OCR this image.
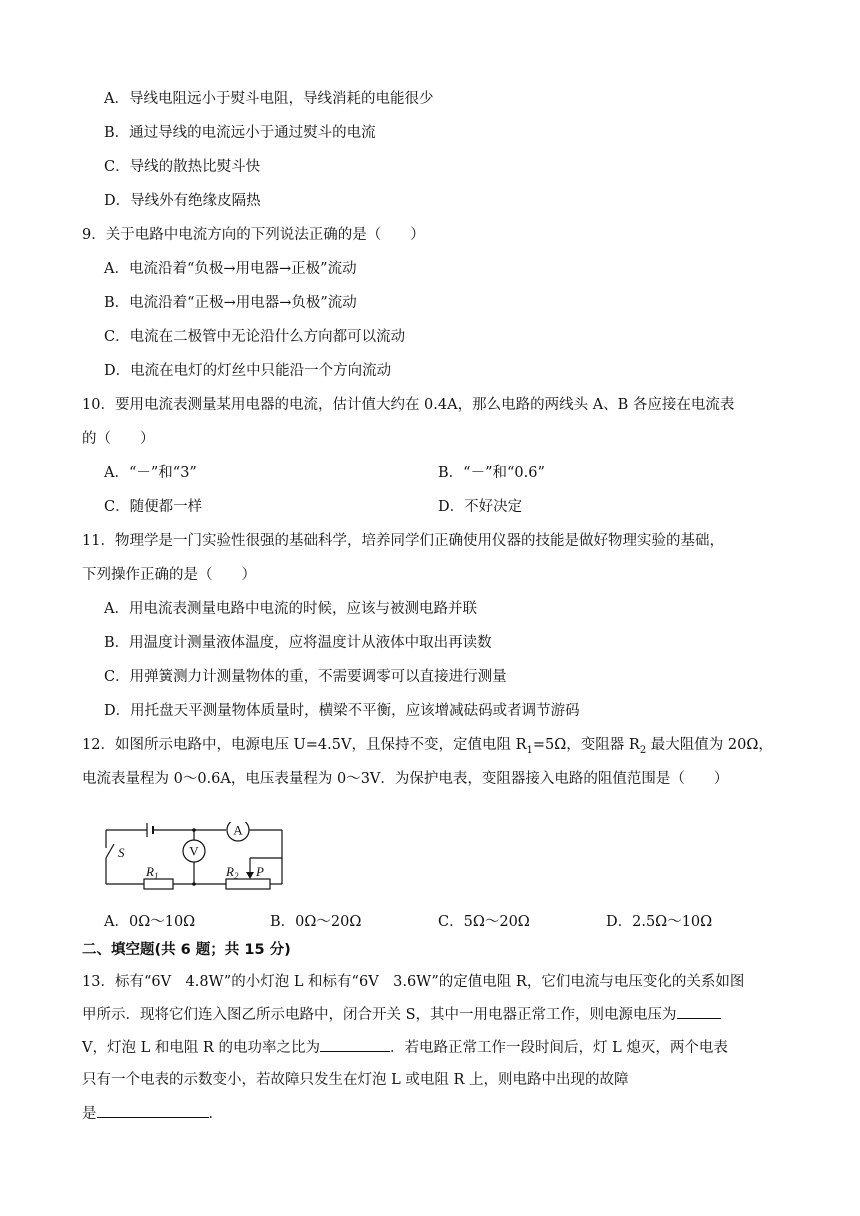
A．导线电阻远小于熨斗电阻，导线消耗的电能很少
B．通过导线的电流远小于通过熨斗的电流
C．导线的散热比熨斗快
D．导线外有绝缘皮隔热
9．关于电路中电流方向的下列说法正确的是（　　）
A．电流沿着“负极→用电器→正极”流动
B．电流沿着“正极→用电器→负极”流动
C．电流在二极管中无论沿什么方向都可以流动
D．电流在电灯的灯丝中只能沿一个方向流动
10．要用电流表测量某用电器的电流，估计值大约在 0.4A，那么电路的两线头 A、B 各应接在电流表
的（　　）
A．“－”和“3”	B．“－”和“0.6”
C．随便都一样	D．不好决定
11．物理学是一门实验性很强的基础科学，培养同学们正确使用仪器的技能是做好物理实验的基础，
下列操作正确的是（　　）
A．用电流表测量电路中电流的时候，应该与被测电路并联
B．用温度计测量液体温度，应将温度计从液体中取出再读数
C．用弹簧测力计测量物体的重，不需要调零可以直接进行测量
D．用托盘天平测量物体质量时，横梁不平衡，应该增减砝码或者调节游码
12．如图所示电路中，电源电压 U=4.5V，且保持不变，定值电阻 $R_1=5\Omega$，变阻器 $R_2$ 最大阻值为 20Ω，
电流表量程为 0～0.6A，电压表量程为 0～3V．为保护电表，变阻器接入电路的阻值范围是（　　）
A
V
S
$R_1$	$R_2$ P
A．0Ω～10Ω	B．0Ω～20Ω	C．5Ω～20Ω	D．2.5Ω～10Ω
二、填空题(共 6 题；共 15 分)
13．标有“6V　4.8W”的小灯泡 L 和标有“6V　3.6W”的定值电阻 R，它们电流与电压变化的关系如图
甲所示．现将它们连入图乙所示电路中，闭合开关 S，其中一用电器正常工作，则电源电压为
V，灯泡 L 和电阻 R 的电功率之比为	．若电路正常工作一段时间后，灯 L 熄灭，两个电表
只有一个电表的示数变小，若故障只发生在灯泡 L 或电阻 R 上，则电路中出现的故障
是	．
